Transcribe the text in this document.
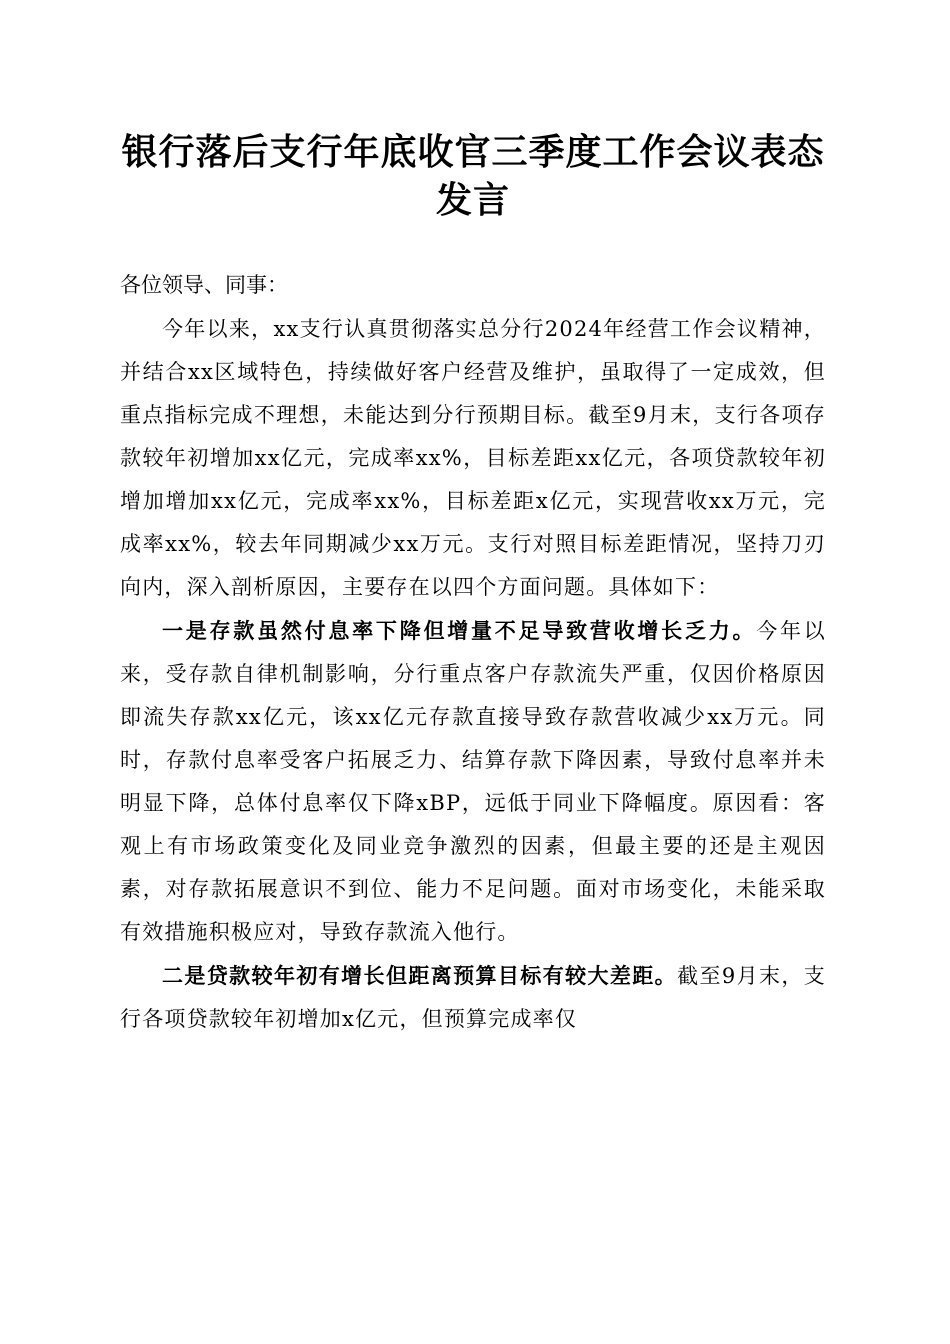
银行落后支行年底收官三季度工作会议表态发言

各位领导、同事：

今年以来，xx支行认真贯彻落实总分行2024年经营工作会议精神，并结合xx区域特色，持续做好客户经营及维护，虽取得了一定成效，但重点指标完成不理想，未能达到分行预期目标。截至9月末，支行各项存款较年初增加xx亿元，完成率xx%，目标差距xx亿元，各项贷款较年初增加增加xx亿元，完成率xx%，目标差距x亿元，实现营收xx万元，完成率xx%，较去年同期减少xx万元。支行对照目标差距情况，坚持刀刃向内，深入剖析原因，主要存在以四个方面问题。具体如下：

一是存款虽然付息率下降但增量不足导致营收增长乏力。今年以来，受存款自律机制影响，分行重点客户存款流失严重，仅因价格原因即流失存款xx亿元，该xx亿元存款直接导致存款营收减少xx万元。同时，存款付息率受客户拓展乏力、结算存款下降因素，导致付息率并未明显下降，总体付息率仅下降xBP，远低于同业下降幅度。原因看：客观上有市场政策变化及同业竞争激烈的因素，但最主要的还是主观因素，对存款拓展意识不到位、能力不足问题。面对市场变化，未能采取有效措施积极应对，导致存款流入他行。

二是贷款较年初有增长但距离预算目标有较大差距。截至9月末，支行各项贷款较年初增加x亿元，但预算完成率仅
